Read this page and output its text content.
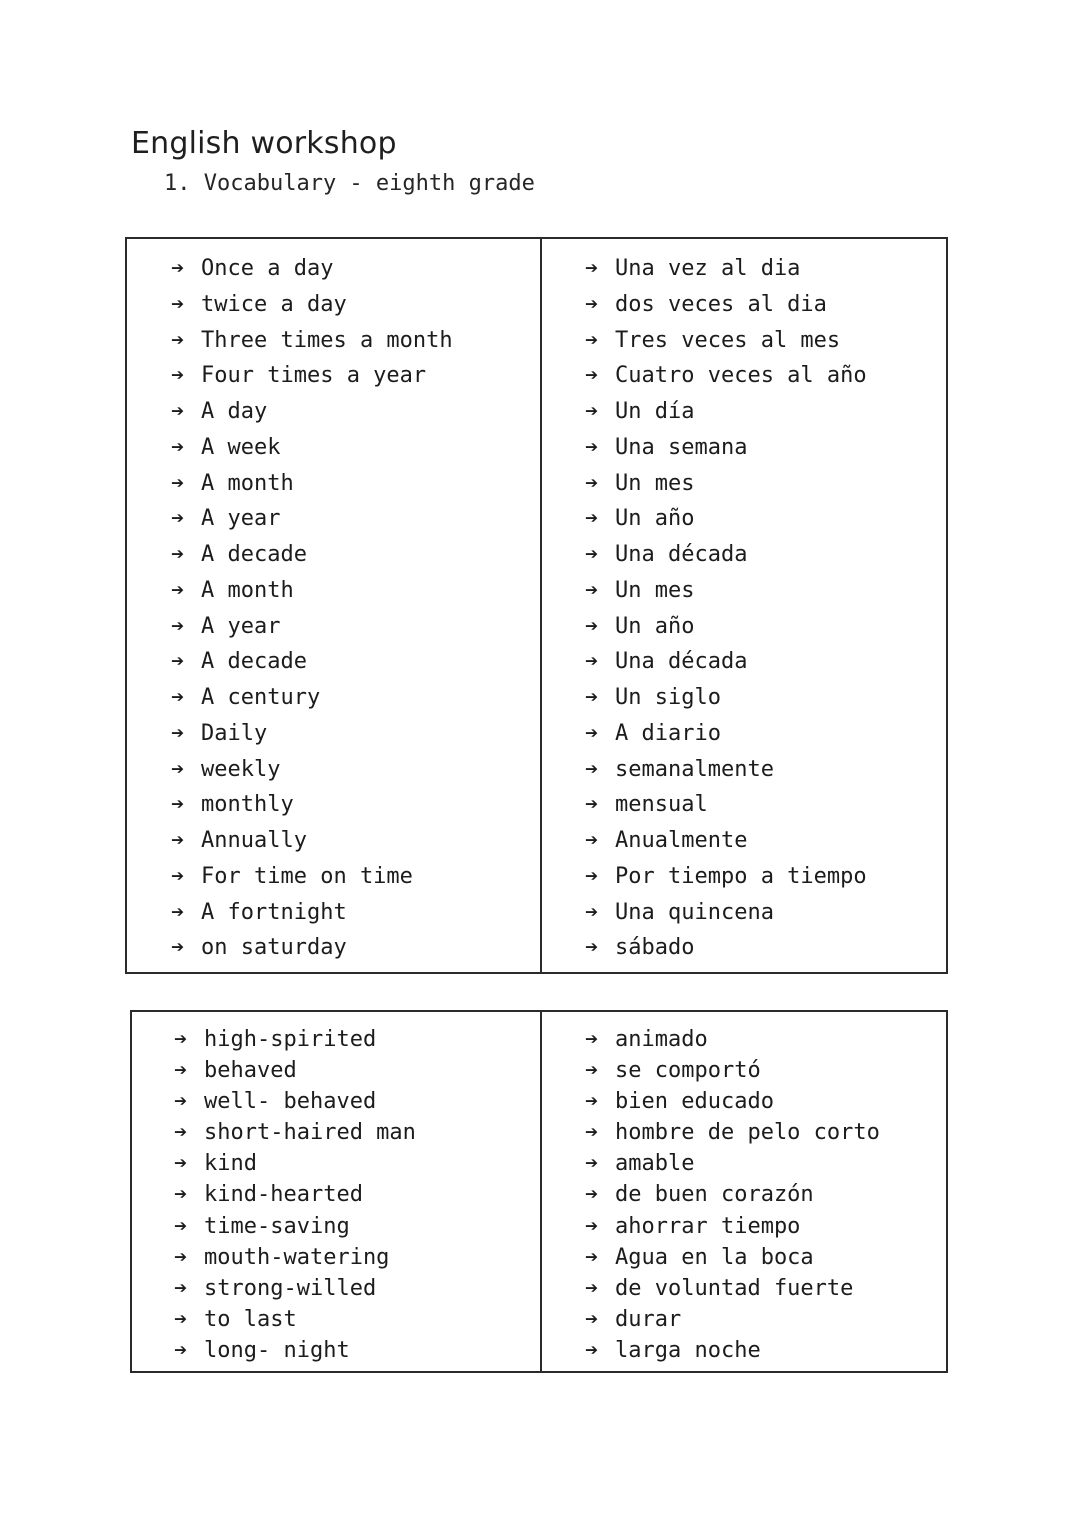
English workshop
1. Vocabulary - eighth grade
➔ Once a day
➔ twice a day
➔ Three times a month
➔ Four times a year
➔ A day
➔ A week
➔ A month
➔ A year
➔ A decade
➔ A month
➔ A year
➔ A decade
➔ A century
➔ Daily
➔ weekly
➔ monthly
➔ Annually
➔ For time on time
➔ A fortnight
➔ on saturday
➔ Una vez al dia
➔ dos veces al dia
➔ Tres veces al mes
➔ Cuatro veces al año
➔ Un día
➔ Una semana
➔ Un mes
➔ Un año
➔ Una década
➔ Un mes
➔ Un año
➔ Una década
➔ Un siglo
➔ A diario
➔ semanalmente
➔ mensual
➔ Anualmente
➔ Por tiempo a tiempo
➔ Una quincena
➔ sábado
➔ high-spirited
➔ behaved
➔ well- behaved
➔ short-haired man
➔ kind
➔ kind-hearted
➔ time-saving
➔ mouth-watering
➔ strong-willed
➔ to last
➔ long- night
➔ animado
➔ se comportó
➔ bien educado
➔ hombre de pelo corto
➔ amable
➔ de buen corazón
➔ ahorrar tiempo
➔ Agua en la boca
➔ de voluntad fuerte
➔ durar
➔ larga noche
